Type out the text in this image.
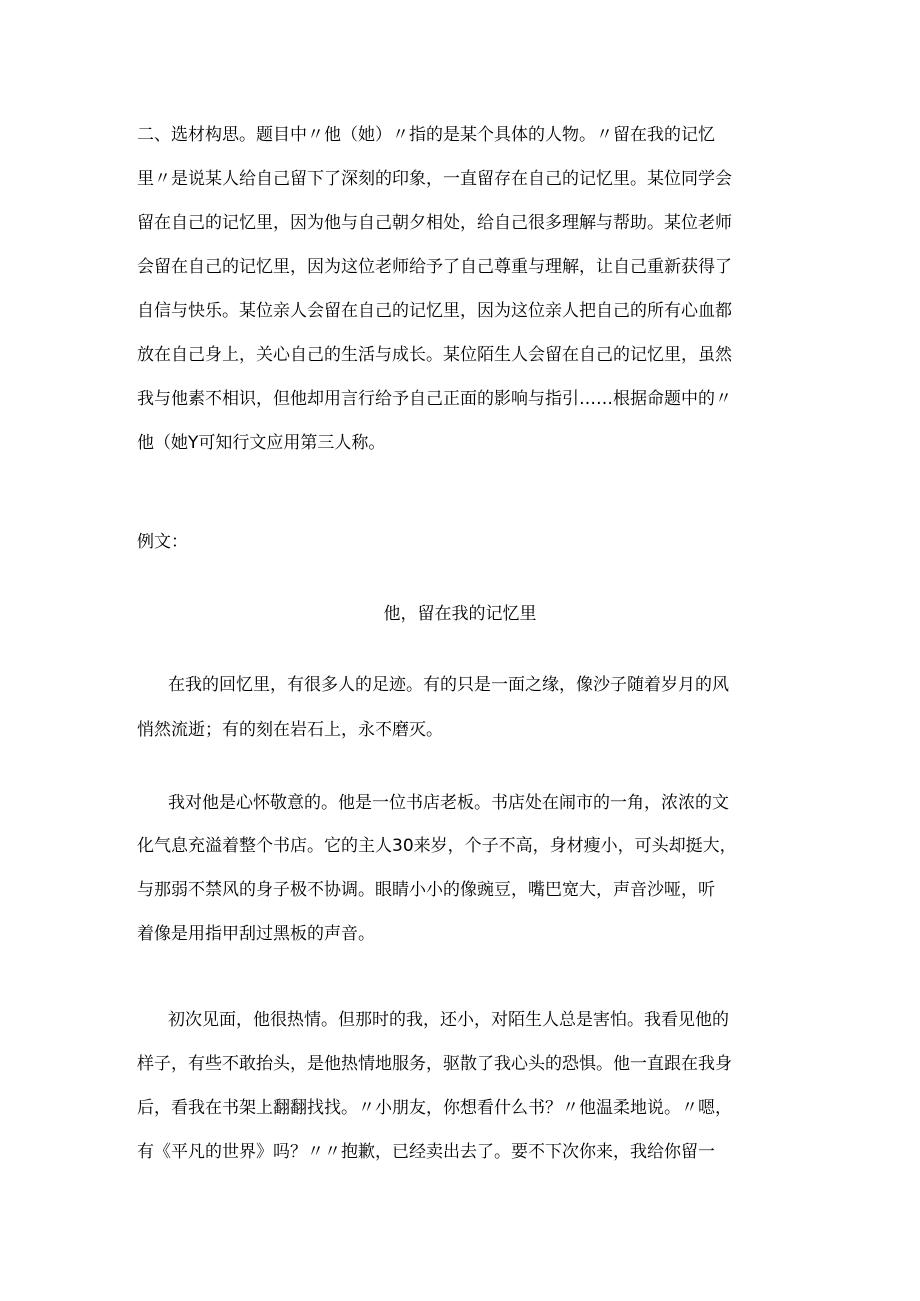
二、选材构思。题目中〃他（她）〃指的是某个具体的人物。〃留在我的记忆
里〃是说某人给自己留下了深刻的印象，一直留存在自己的记忆里。某位同学会
留在自己的记忆里，因为他与自己朝夕相处，给自己很多理解与帮助。某位老师
会留在自己的记忆里，因为这位老师给予了自己尊重与理解，让自己重新获得了
自信与快乐。某位亲人会留在自己的记忆里，因为这位亲人把自己的所有心血都
放在自己身上，关心自己的生活与成长。某位陌生人会留在自己的记忆里，虽然
我与他素不相识，但他却用言行给予自己正面的影响与指引……根据命题中的〃
他（她Y可知行文应用第三人称。
例文：
他，留在我的记忆里
在我的回忆里，有很多人的足迹。有的只是一面之缘，像沙子随着岁月的风
悄然流逝；有的刻在岩石上，永不磨灭。
我对他是心怀敬意的。他是一位书店老板。书店处在闹市的一角，浓浓的文
化气息充溢着整个书店。它的主人30来岁，个子不高，身材瘦小，可头却挺大，
与那弱不禁风的身子极不协调。眼睛小小的像豌豆，嘴巴宽大，声音沙哑，听
着像是用指甲刮过黑板的声音。
初次见面，他很热情。但那时的我，还小，对陌生人总是害怕。我看见他的
样子，有些不敢抬头，是他热情地服务，驱散了我心头的恐惧。他一直跟在我身
后，看我在书架上翻翻找找。〃小朋友，你想看什么书？〃他温柔地说。〃嗯，
有《平凡的世界》吗？〃〃抱歉，已经卖出去了。要不下次你来，我给你留一
